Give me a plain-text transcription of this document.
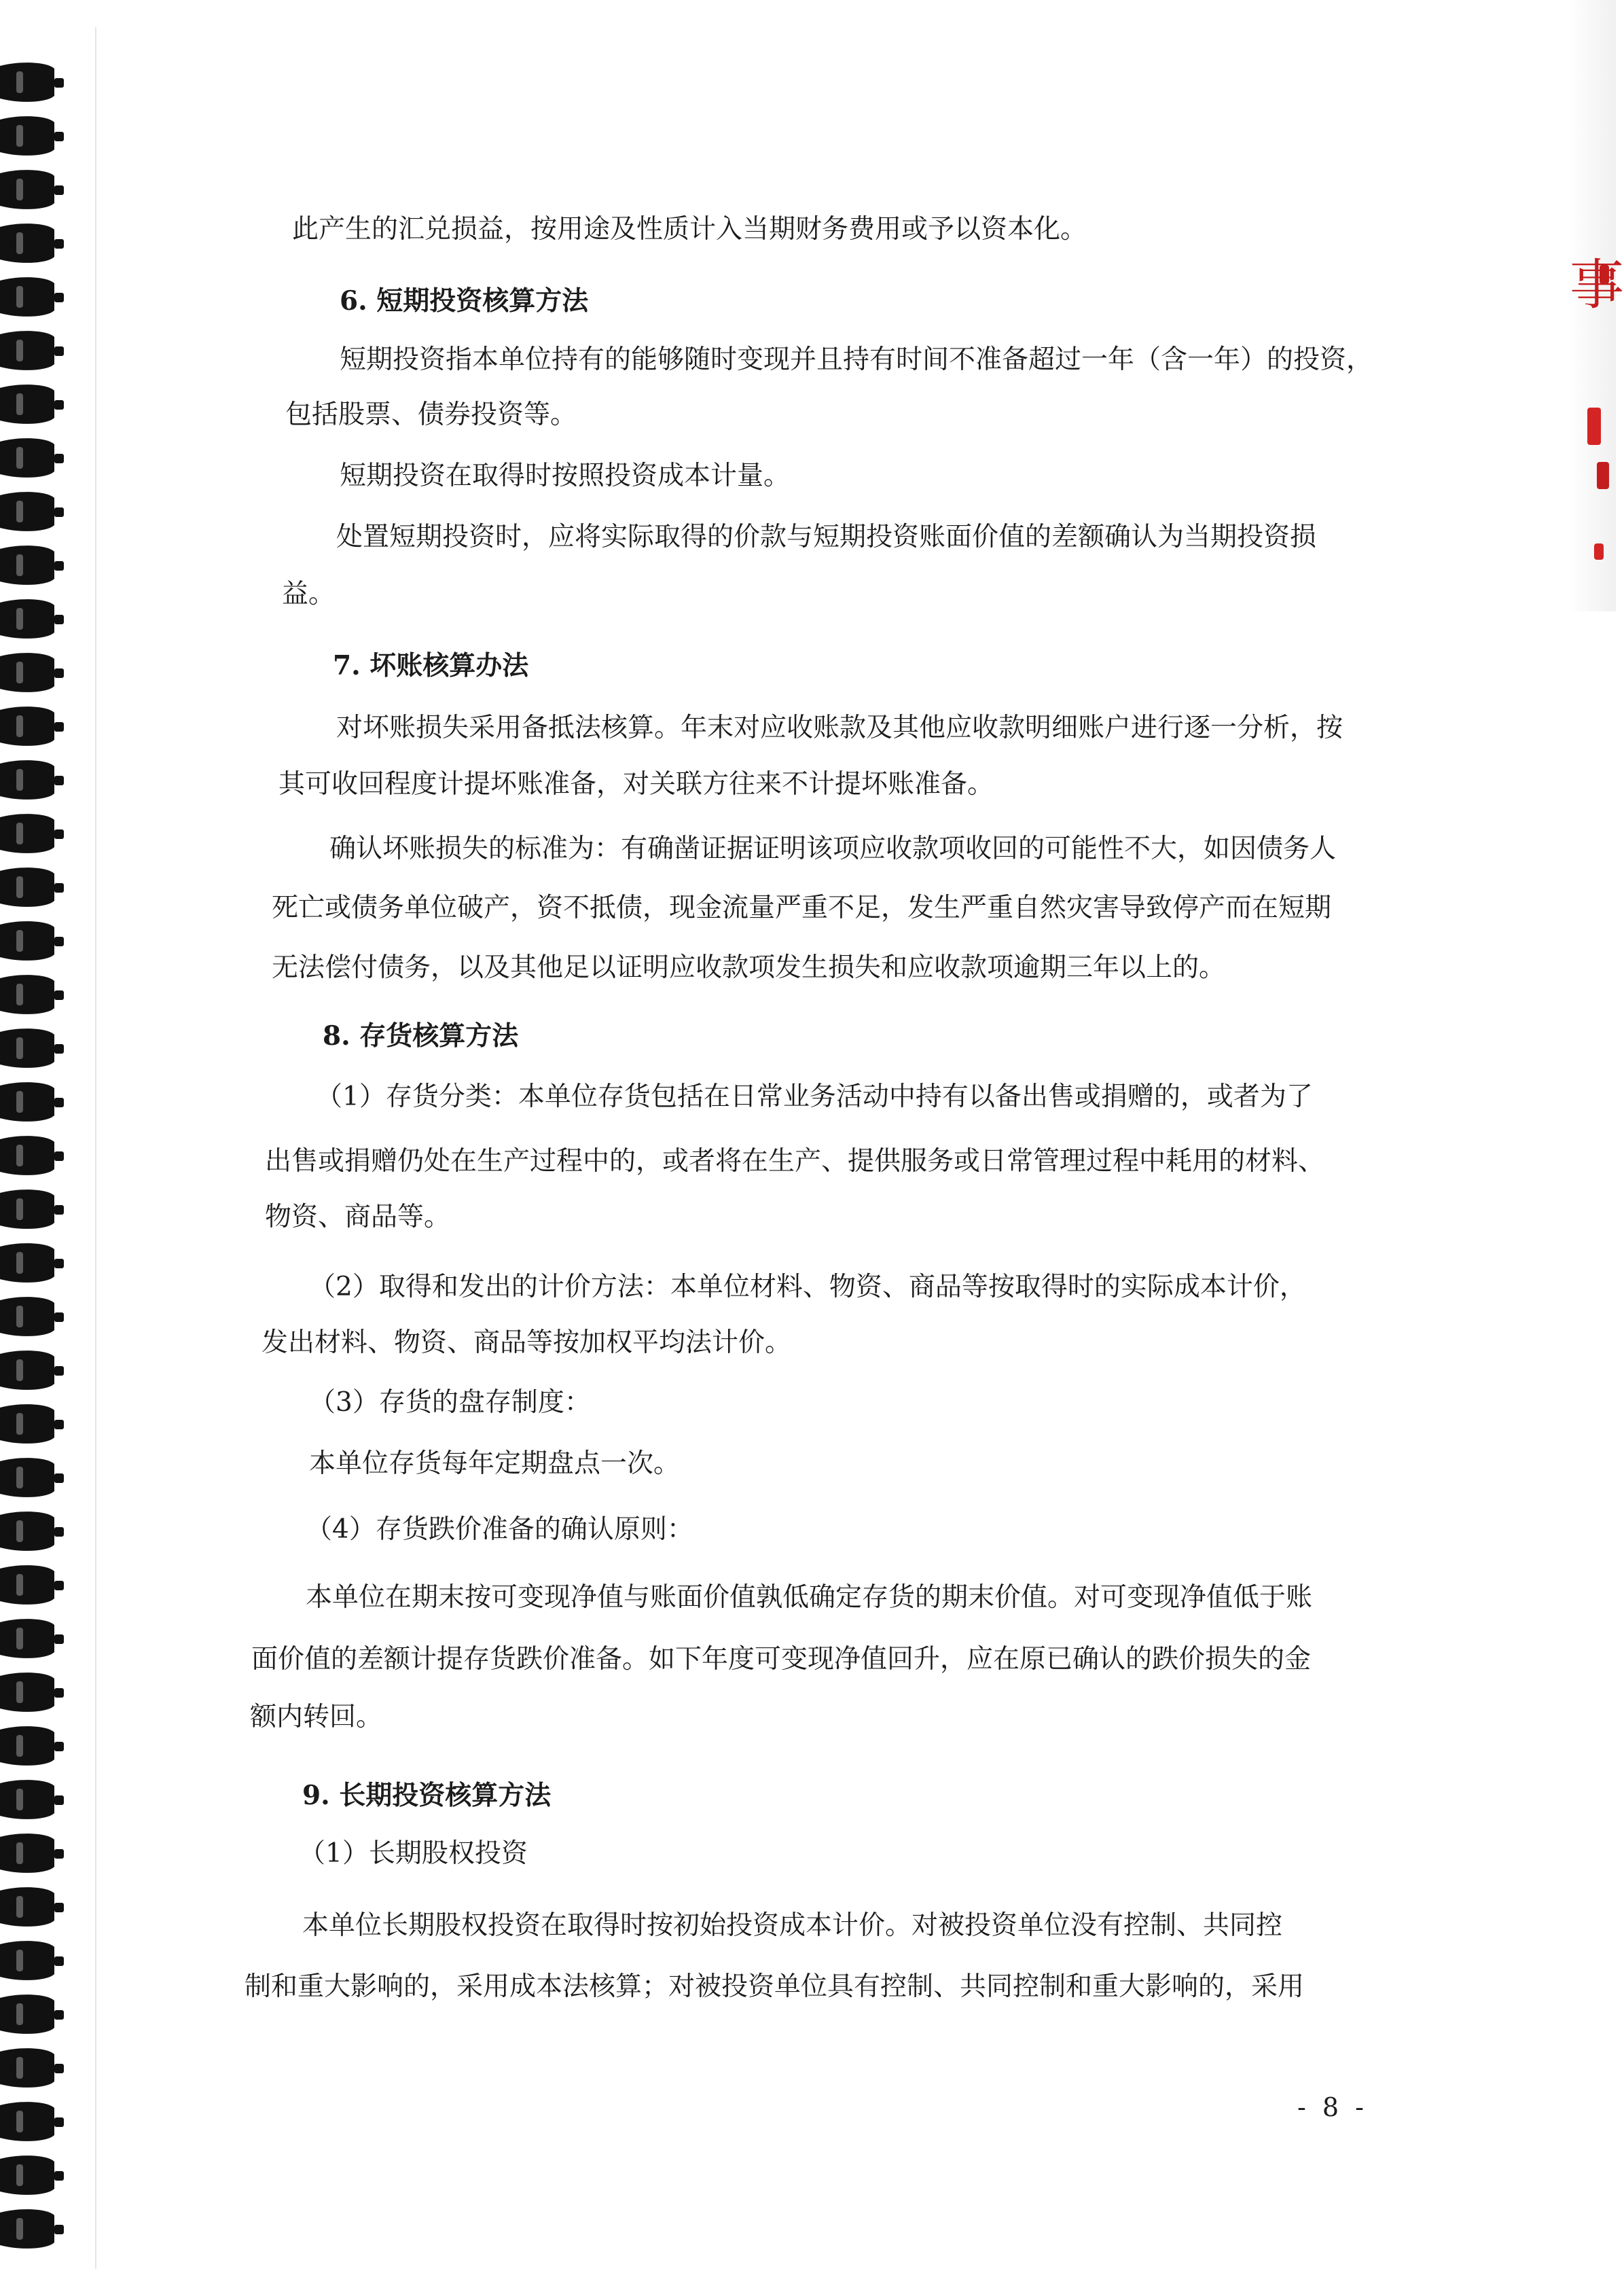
事
此产生的汇兑损益，按用途及性质计入当期财务费用或予以资本化。
6. 短期投资核算方法
短期投资指本单位持有的能够随时变现并且持有时间不准备超过一年（含一年）的投资，
包括股票、债券投资等。
短期投资在取得时按照投资成本计量。
处置短期投资时，应将实际取得的价款与短期投资账面价值的差额确认为当期投资损
益。
7. 坏账核算办法
对坏账损失采用备抵法核算。年末对应收账款及其他应收款明细账户进行逐一分析，按
其可收回程度计提坏账准备，对关联方往来不计提坏账准备。
确认坏账损失的标准为：有确凿证据证明该项应收款项收回的可能性不大，如因债务人
死亡或债务单位破产，资不抵债，现金流量严重不足，发生严重自然灾害导致停产而在短期
无法偿付债务，以及其他足以证明应收款项发生损失和应收款项逾期三年以上的。
8. 存货核算方法
（1）存货分类：本单位存货包括在日常业务活动中持有以备出售或捐赠的，或者为了
出售或捐赠仍处在生产过程中的，或者将在生产、提供服务或日常管理过程中耗用的材料、
物资、商品等。
（2）取得和发出的计价方法：本单位材料、物资、商品等按取得时的实际成本计价，
发出材料、物资、商品等按加权平均法计价。
（3）存货的盘存制度：
本单位存货每年定期盘点一次。
（4）存货跌价准备的确认原则：
本单位在期末按可变现净值与账面价值孰低确定存货的期末价值。对可变现净值低于账
面价值的差额计提存货跌价准备。如下年度可变现净值回升，应在原已确认的跌价损失的金
额内转回。
9. 长期投资核算方法
（1）长期股权投资
本单位长期股权投资在取得时按初始投资成本计价。对被投资单位没有控制、共同控
制和重大影响的，采用成本法核算；对被投资单位具有控制、共同控制和重大影响的，采用
- 8 -
